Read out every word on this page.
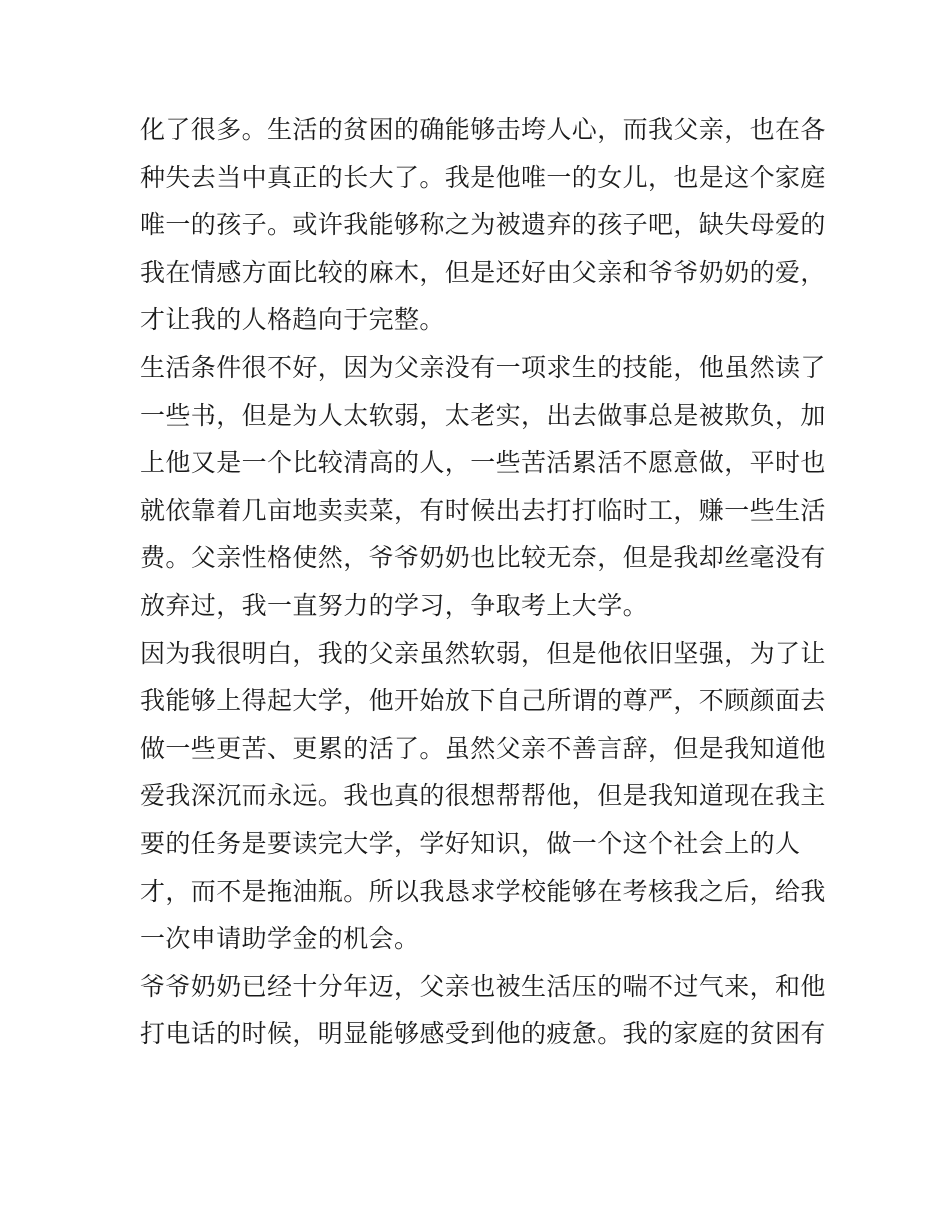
化了很多。生活的贫困的确能够击垮人心，而我父亲，也在各
种失去当中真正的长大了。我是他唯一的女儿，也是这个家庭
唯一的孩子。或许我能够称之为被遗弃的孩子吧，缺失母爱的
我在情感方面比较的麻木，但是还好由父亲和爷爷奶奶的爱，
才让我的人格趋向于完整。
生活条件很不好，因为父亲没有一项求生的技能，他虽然读了
一些书，但是为人太软弱，太老实，出去做事总是被欺负，加
上他又是一个比较清高的人，一些苦活累活不愿意做，平时也
就依靠着几亩地卖卖菜，有时候出去打打临时工，赚一些生活
费。父亲性格使然，爷爷奶奶也比较无奈，但是我却丝毫没有
放弃过，我一直努力的学习，争取考上大学。
因为我很明白，我的父亲虽然软弱，但是他依旧坚强，为了让
我能够上得起大学，他开始放下自己所谓的尊严，不顾颜面去
做一些更苦、更累的活了。虽然父亲不善言辞，但是我知道他
爱我深沉而永远。我也真的很想帮帮他，但是我知道现在我主
要的任务是要读完大学，学好知识，做一个这个社会上的人
才，而不是拖油瓶。所以我恳求学校能够在考核我之后，给我
一次申请助学金的机会。
爷爷奶奶已经十分年迈，父亲也被生活压的喘不过气来，和他
打电话的时候，明显能够感受到他的疲惫。我的家庭的贫困有
